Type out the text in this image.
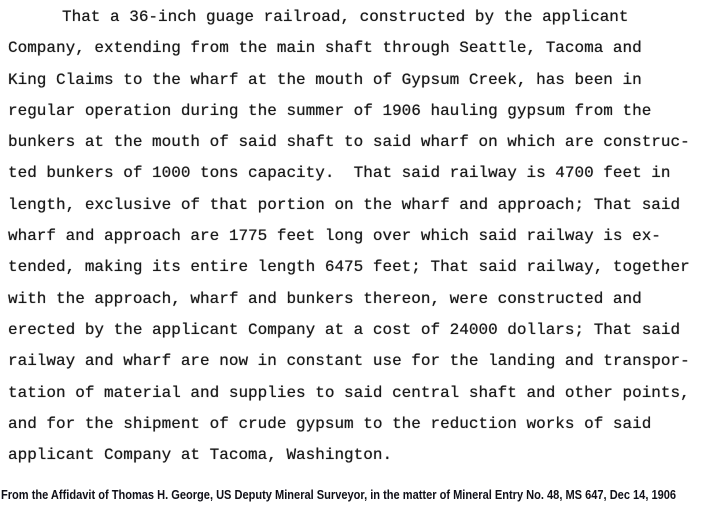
That a 36-inch guage railroad, constructed by the applicant
Company, extending from the main shaft through Seattle, Tacoma and
King Claims to the wharf at the mouth of Gypsum Creek, has been in
regular operation during the summer of 1906 hauling gypsum from the
bunkers at the mouth of said shaft to said wharf on which are construc-
ted bunkers of 1000 tons capacity.  That said railway is 4700 feet in
length, exclusive of that portion on the wharf and approach; That said
wharf and approach are 1775 feet long over which said railway is ex-
tended, making its entire length 6475 feet; That said railway, together
with the approach, wharf and bunkers thereon, were constructed and
erected by the applicant Company at a cost of 24000 dollars; That said
railway and wharf are now in constant use for the landing and transpor-
tation of material and supplies to said central shaft and other points,
and for the shipment of crude gypsum to the reduction works of said
applicant Company at Tacoma, Washington.
From the Affidavit of Thomas H. George, US Deputy Mineral Surveyor, in the matter of Mineral Entry No. 48, MS 647, Dec 14, 1906
